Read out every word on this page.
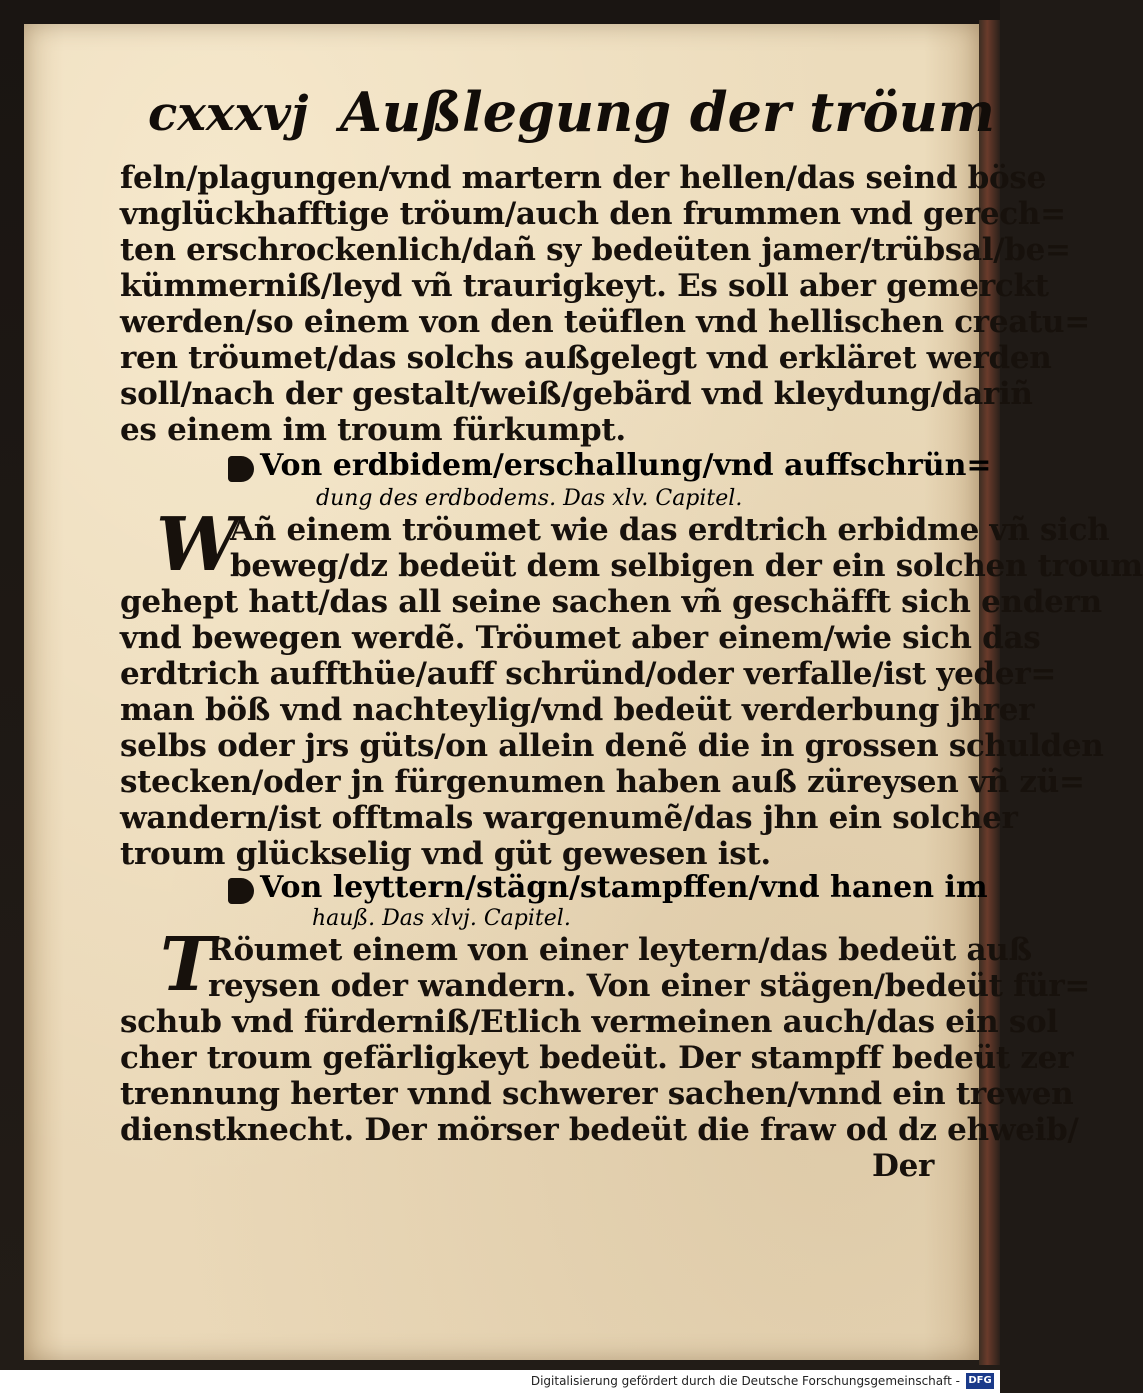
cxxxvj Außlegung der tröum
feln/plagungen/vnd martern der hellen/das seind böse
vnglückhafftige tröum/auch den frummen vnd gerech=
ten erschrockenlich/dañ sy bedeüten jamer/trübsal/be=
kümmerniß/leyd vñ traurigkeyt. Es soll aber gemerckt
werden/so einem von den teüflen vnd hellischen creatu=
ren tröumet/das solchs außgelegt vnd erkläret werden
soll/nach der gestalt/weiß/gebärd vnd kleydung/dariñ
es einem im troum fürkumpt.
Von erdbidem/erschallung/vnd auffschrün=
dung des erdbodems. Das xlv. Capitel.
W
Añ einem tröumet wie das erdtrich erbidme vñ sich
beweg/dz bedeüt dem selbigen der ein solchen troum
gehept hatt/das all seine sachen vñ geschäfft sich endern
vnd bewegen werdẽ. Tröumet aber einem/wie sich das
erdtrich auffthüe/auff schründ/oder verfalle/ist yeder=
man böß vnd nachteylig/vnd bedeüt verderbung jhrer
selbs oder jrs güts/on allein denẽ die in grossen schulden
stecken/oder jn fürgenumen haben auß züreysen vñ zü=
wandern/ist offtmals wargenumẽ/das jhn ein solcher
troum glückselig vnd güt gewesen ist.
Von leyttern/stägn/stampffen/vnd hanen im
hauß. Das xlvj. Capitel.
T
Röumet einem von einer leytern/das bedeüt auß
reysen oder wandern. Von einer stägen/bedeüt für=
schub vnd fürderniß/Etlich vermeinen auch/das ein sol
cher troum gefärligkeyt bedeüt. Der stampff bedeüt zer
trennung herter vnnd schwerer sachen/vnnd ein trewen
dienstknecht. Der mörser bedeüt die fraw od dz ehweib/
Der
Digitalisierung gefördert durch die Deutsche Forschungsgemeinschaft - DFG
